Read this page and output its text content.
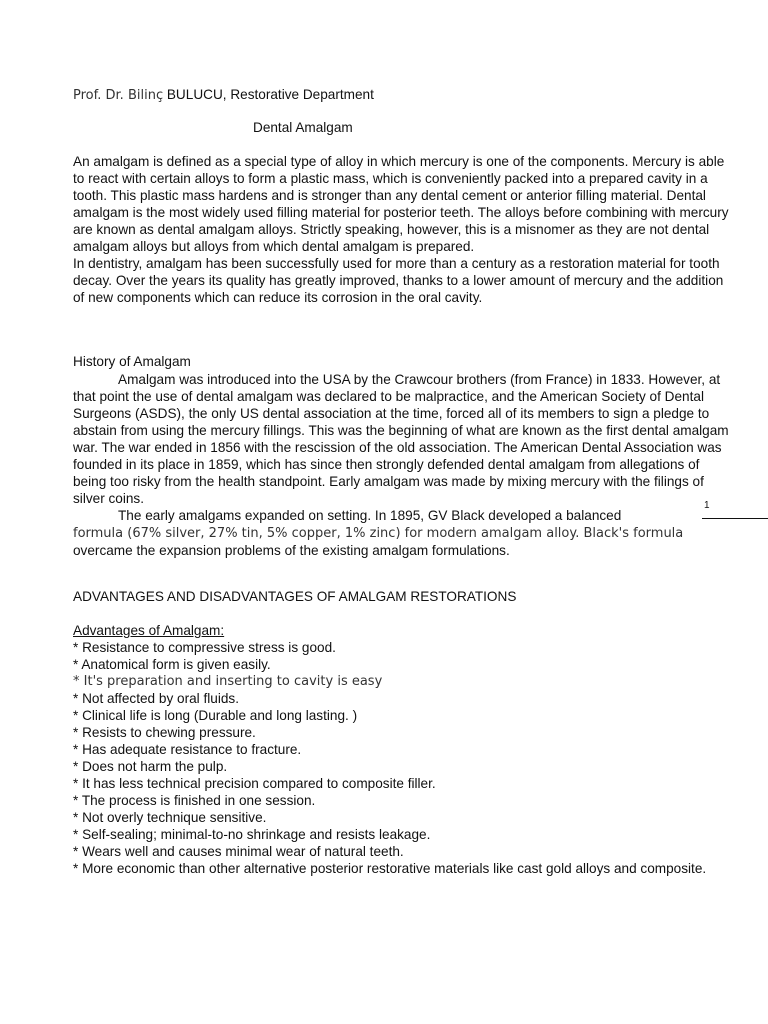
Prof. Dr. Bilinç BULUCU, Restorative Department
Dental Amalgam

An amalgam is defined as a special type of alloy in which mercury is one of the components. Mercury is able to react with certain alloys to form a plastic mass, which is conveniently packed into a prepared cavity in a tooth. This plastic mass hardens and is stronger than any dental cement or anterior filling material. Dental amalgam is the most widely used filling material for posterior teeth. The alloys before combining with mercury are known as dental amalgam alloys. Strictly speaking, however, this is a misnomer as they are not dental amalgam alloys but alloys from which dental amalgam is prepared.

In dentistry, amalgam has been successfully used for more than a century as a restoration material for tooth decay. Over the years its quality has greatly improved, thanks to a lower amount of mercury and the addition of new components which can reduce its corrosion in the oral cavity.

History of Amalgam

Amalgam was introduced into the USA by the Crawcour brothers (from France) in 1833. However, at that point the use of dental amalgam was declared to be malpractice, and the American Society of Dental Surgeons (ASDS), the only US dental association at the time, forced all of its members to sign a pledge to abstain from using the mercury fillings. This was the beginning of what are known as the first dental amalgam war. The war ended in 1856 with the rescission of the old association. The American Dental Association was founded in its place in 1859, which has since then strongly defended dental amalgam from allegations of being too risky from the health standpoint. Early amalgam was made by mixing mercury with the filings of silver coins.

The early amalgams expanded on setting. In 1895, GV Black developed a balanced
formula (67% silver, 27% tin, 5% copper, 1% zinc) for modern amalgam alloy. Black's formula
overcame the expansion problems of the existing amalgam formulations.

1
ADVANTAGES AND DISADVANTAGES OF AMALGAM RESTORATIONS
Advantages of Amalgam:
* Resistance to compressive stress is good.
* Anatomical form is given easily.
* It's preparation and inserting to cavity is easy
* Not affected by oral fluids.
* Clinical life is long (Durable and long lasting. )
* Resists to chewing pressure.
* Has adequate resistance to fracture.
* Does not harm the pulp.
* It has less technical precision compared to composite filler.
* The process is finished in one session.
* Not overly technique sensitive.
* Self-sealing; minimal-to-no shrinkage and resists leakage.
* Wears well and causes minimal wear of natural teeth.
* More economic than other alternative posterior restorative materials like cast gold alloys and composite.
